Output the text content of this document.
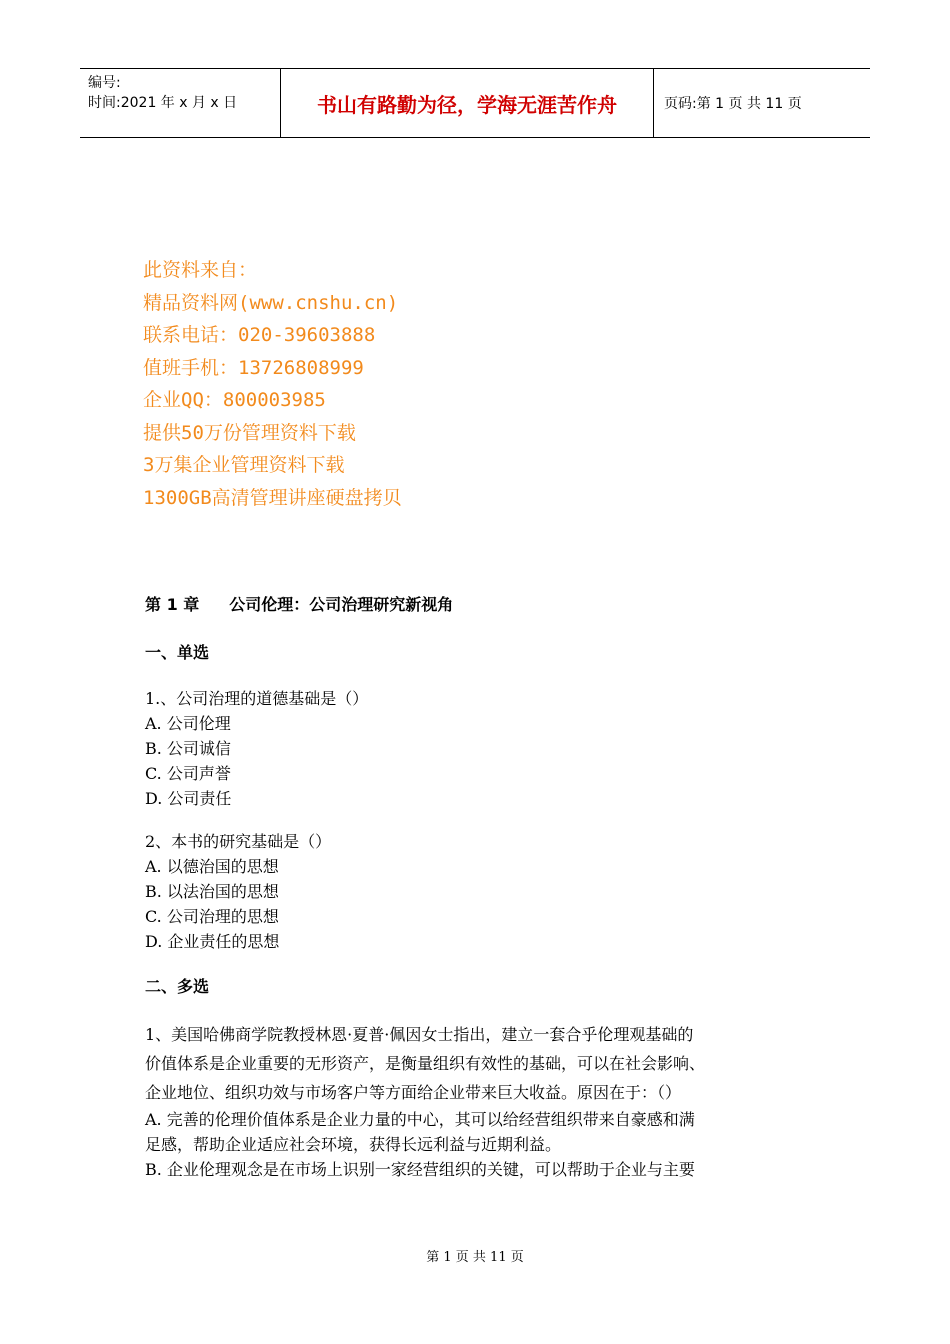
编号:
时间:2021 年 x 月 x 日	书山有路勤为径，学海无涯苦作舟	页码:第 1 页 共 11 页
此资料来自：
精品资料网(www.cnshu.cn)
联系电话：020-39603888
值班手机：13726808999
企业QQ：800003985
提供50万份管理资料下载
3万集企业管理资料下载
1300GB高清管理讲座硬盘拷贝
第 1 章 公司伦理：公司治理研究新视角
一、单选
1.、公司治理的道德基础是（）
A. 公司伦理
B. 公司诚信
C. 公司声誉
D. 公司责任
2、本书的研究基础是（）
A. 以德治国的思想
B. 以法治国的思想
C. 公司治理的思想
D. 企业责任的思想
二、多选
1、美国哈佛商学院教授林恩·夏普·佩因女士指出，建立一套合乎伦理观基础的
价值体系是企业重要的无形资产，是衡量组织有效性的基础，可以在社会影响、
企业地位、组织功效与市场客户等方面给企业带来巨大收益。原因在于：（）
A. 完善的伦理价值体系是企业力量的中心，其可以给经营组织带来自豪感和满
足感，帮助企业适应社会环境，获得长远利益与近期利益。
B. 企业伦理观念是在市场上识别一家经营组织的关键，可以帮助于企业与主要
第 1 页 共 11 页
